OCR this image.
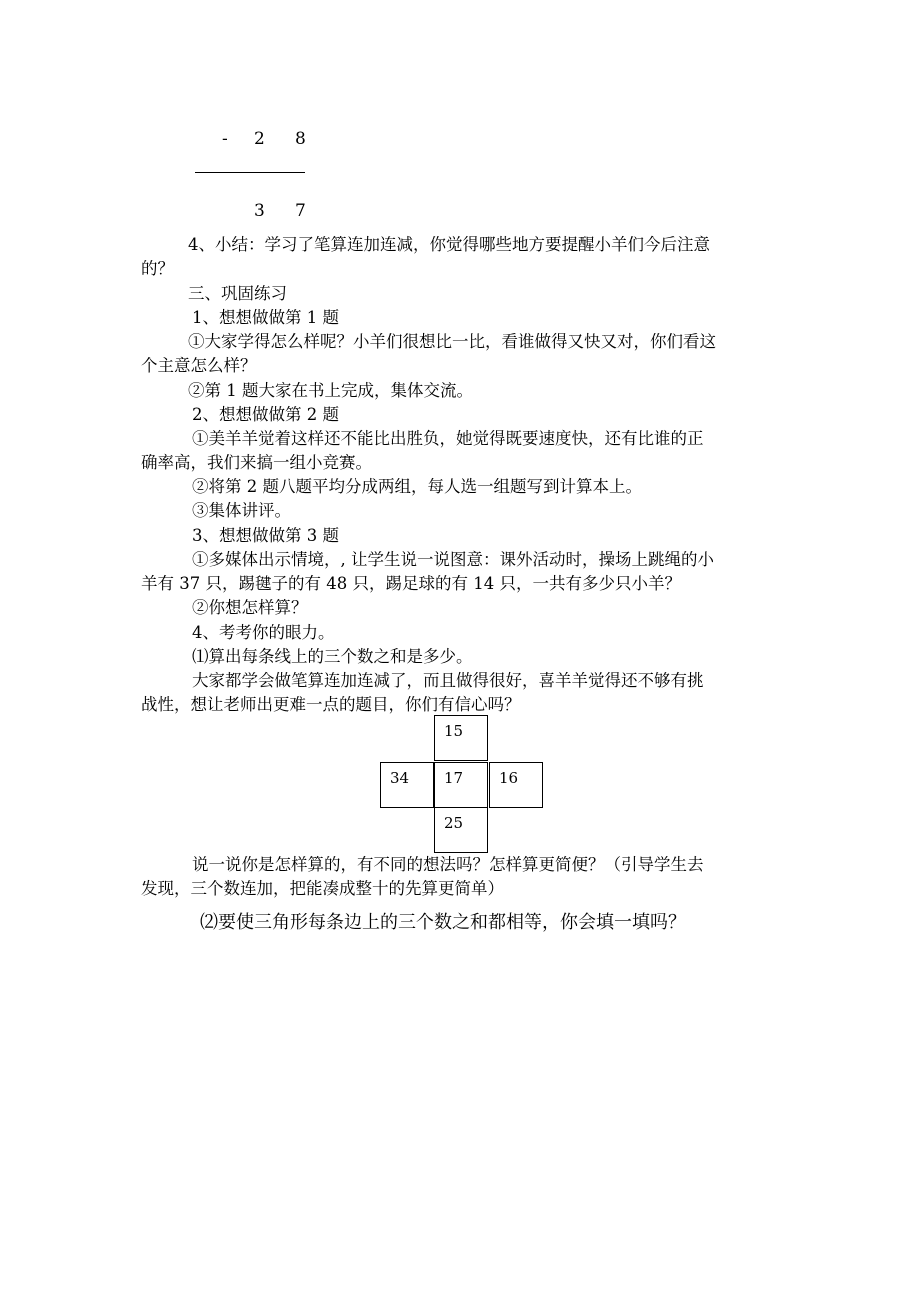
- 2 8
3 7
4、小结：学习了笔算连加连减，你觉得哪些地方要提醒小羊们今后注意
的？
三、巩固练习
1、想想做做第 1 题
①大家学得怎么样呢？小羊们很想比一比，看谁做得又快又对，你们看这
个主意怎么样？
②第 1 题大家在书上完成，集体交流。
2、想想做做第 2 题
①美羊羊觉着这样还不能比出胜负，她觉得既要速度快，还有比谁的正
确率高，我们来搞一组小竞赛。
②将第 2 题八题平均分成两组，每人选一组题写到计算本上。
③集体讲评。
3、想想做做第 3 题
①多媒体出示情境，, 让学生说一说图意：课外活动时，操场上跳绳的小
羊有 37 只，踢毽子的有 48 只，踢足球的有 14 只，一共有多少只小羊？
②你想怎样算？
4、考考你的眼力。
⑴算出每条线上的三个数之和是多少。
大家都学会做笔算连加连减了，而且做得很好，喜羊羊觉得还不够有挑
战性，想让老师出更难一点的题目，你们有信心吗？
15
34	17	16
25
说一说你是怎样算的，有不同的想法吗？怎样算更简便？（引导学生去
发现，三个数连加，把能凑成整十的先算更简单）
⑵要使三角形每条边上的三个数之和都相等，你会填一填吗？
